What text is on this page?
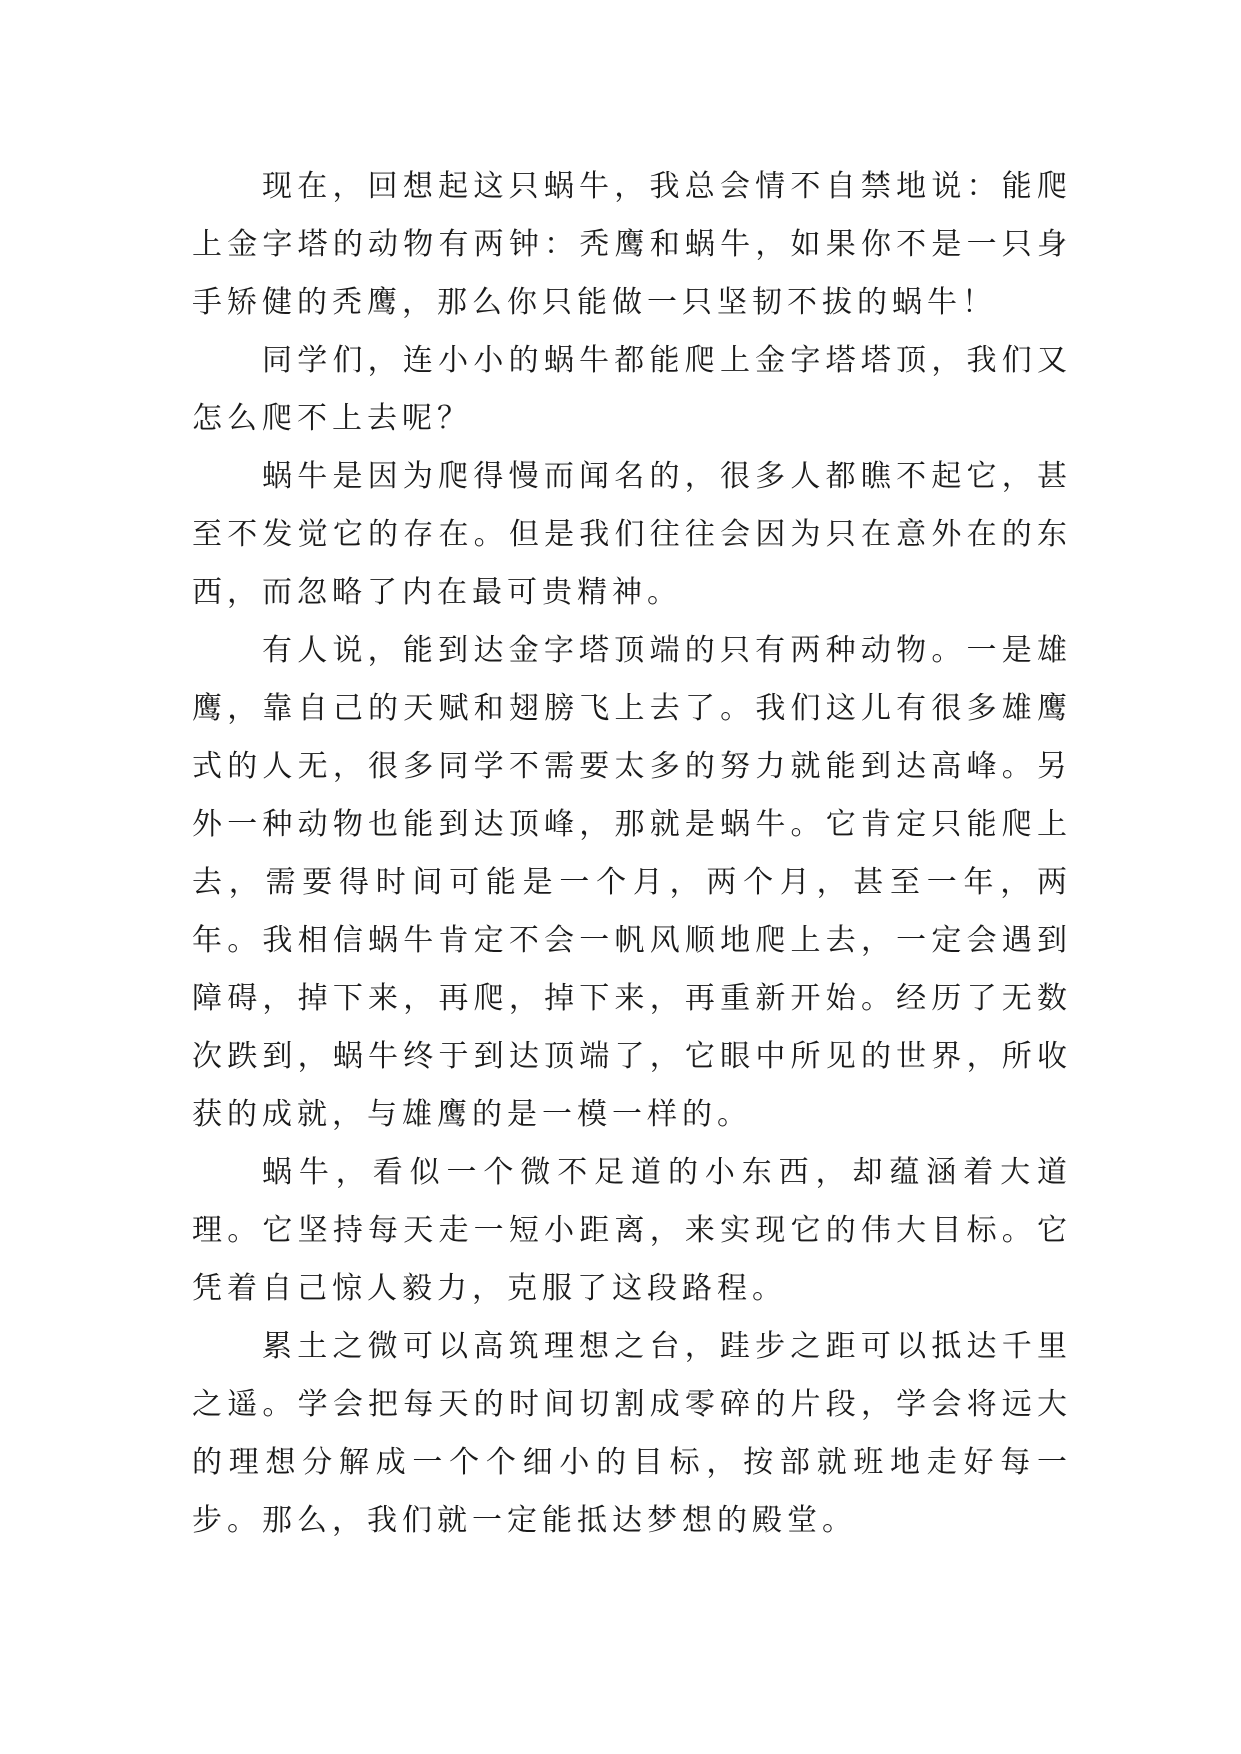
现在，回想起这只蜗牛，我总会情不自禁地说：能爬上金字塔的动物有两钟：秃鹰和蜗牛，如果你不是一只身手矫健的秃鹰，那么你只能做一只坚韧不拔的蜗牛！

同学们，连小小的蜗牛都能爬上金字塔塔顶，我们又怎么爬不上去呢？

蜗牛是因为爬得慢而闻名的，很多人都瞧不起它，甚至不发觉它的存在。但是我们往往会因为只在意外在的东西，而忽略了内在最可贵精神。

有人说，能到达金字塔顶端的只有两种动物。一是雄鹰，靠自己的天赋和翅膀飞上去了。我们这儿有很多雄鹰式的人无，很多同学不需要太多的努力就能到达高峰。另外一种动物也能到达顶峰，那就是蜗牛。它肯定只能爬上去，需要得时间可能是一个月，两个月，甚至一年，两年。我相信蜗牛肯定不会一帆风顺地爬上去，一定会遇到障碍，掉下来，再爬，掉下来，再重新开始。经历了无数次跌到，蜗牛终于到达顶端了，它眼中所见的世界，所收获的成就，与雄鹰的是一模一样的。

蜗牛，看似一个微不足道的小东西，却蕴涵着大道理。它坚持每天走一短小距离，来实现它的伟大目标。它凭着自己惊人毅力，克服了这段路程。

累土之微可以高筑理想之台，跬步之距可以抵达千里之遥。学会把每天的时间切割成零碎的片段，学会将远大的理想分解成一个个细小的目标，按部就班地走好每一步。那么，我们就一定能抵达梦想的殿堂。
